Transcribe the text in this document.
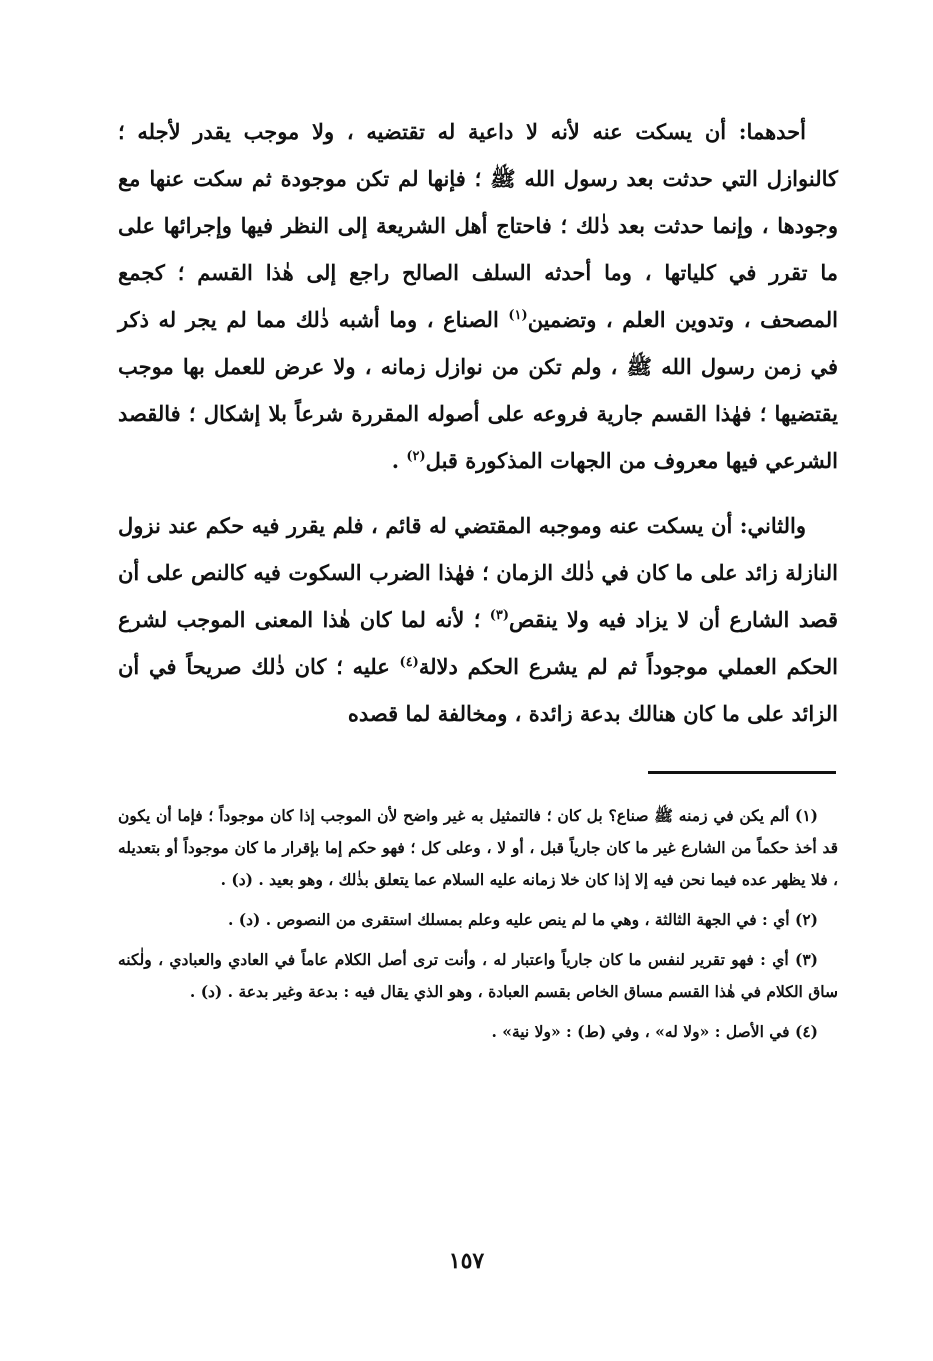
أحدهما: أن يسكت عنه لأنه لا داعية له تقتضيه ، ولا موجب يقدر لأجله ؛ كالنوازل التي حدثت بعد رسول الله ﷺ ؛ فإنها لم تكن موجودة ثم سكت عنها مع وجودها ، وإنما حدثت بعد ذٰلك ؛ فاحتاج أهل الشريعة إلى النظر فيها وإجرائها على ما تقرر في كلياتها ، وما أحدثه السلف الصالح راجع إلى هٰذا القسم ؛ كجمع المصحف ، وتدوين العلم ، وتضمين$^{(١)}$ الصناع ، وما أشبه ذٰلك مما لم يجر له ذكر في زمن رسول الله ﷺ ، ولم تكن من نوازل زمانه ، ولا عرض للعمل بها موجب يقتضيها ؛ فهٰذا القسم جارية فروعه على أصوله المقررة شرعاً بلا إشكال ؛ فالقصد الشرعي فيها معروف من الجهات المذكورة قبل$^{(٢)}$ .

والثاني: أن يسكت عنه وموجبه المقتضي له قائم ، فلم يقرر فيه حكم عند نزول النازلة زائد على ما كان في ذٰلك الزمان ؛ فهٰذا الضرب السكوت فيه كالنص على أن قصد الشارع أن لا يزاد فيه ولا ينقص$^{(٣)}$ ؛ لأنه لما كان هٰذا المعنى الموجب لشرع الحكم العملي موجوداً ثم لم يشرع الحكم دلالة$^{(٤)}$ عليه ؛ كان ذٰلك صريحاً في أن الزائد على ما كان هنالك بدعة زائدة ، ومخالفة لما قصده

(١) ألم يكن في زمنه ﷺ صناع؟ بل كان ؛ فالتمثيل به غير واضح لأن الموجب إذا كان موجوداً ؛ فإما أن يكون قد أخذ حكماً من الشارع غير ما كان جارياً قبل ، أو لا ، وعلى كل ؛ فهو حكم إما بإقرار ما كان موجوداً أو بتعديله ، فلا يظهر عده فيما نحن فيه إلا إذا كان خلا زمانه عليه السلام عما يتعلق بذٰلك ، وهو بعيد . (د) .

(٢) أي : في الجهة الثالثة ، وهي ما لم ينص عليه وعلم بمسلك استقرى من النصوص . (د) .

(٣) أي : فهو تقرير لنفس ما كان جارياً واعتبار له ، وأنت ترى أصل الكلام عاماً في العادي والعبادي ، ولٰكنه ساق الكلام في هٰذا القسم مساق الخاص بقسم العبادة ، وهو الذي يقال فيه : بدعة وغير بدعة . (د) .

(٤) في الأصل : «ولا له» ، وفي (ط) : «ولا نية» .

١٥٧
